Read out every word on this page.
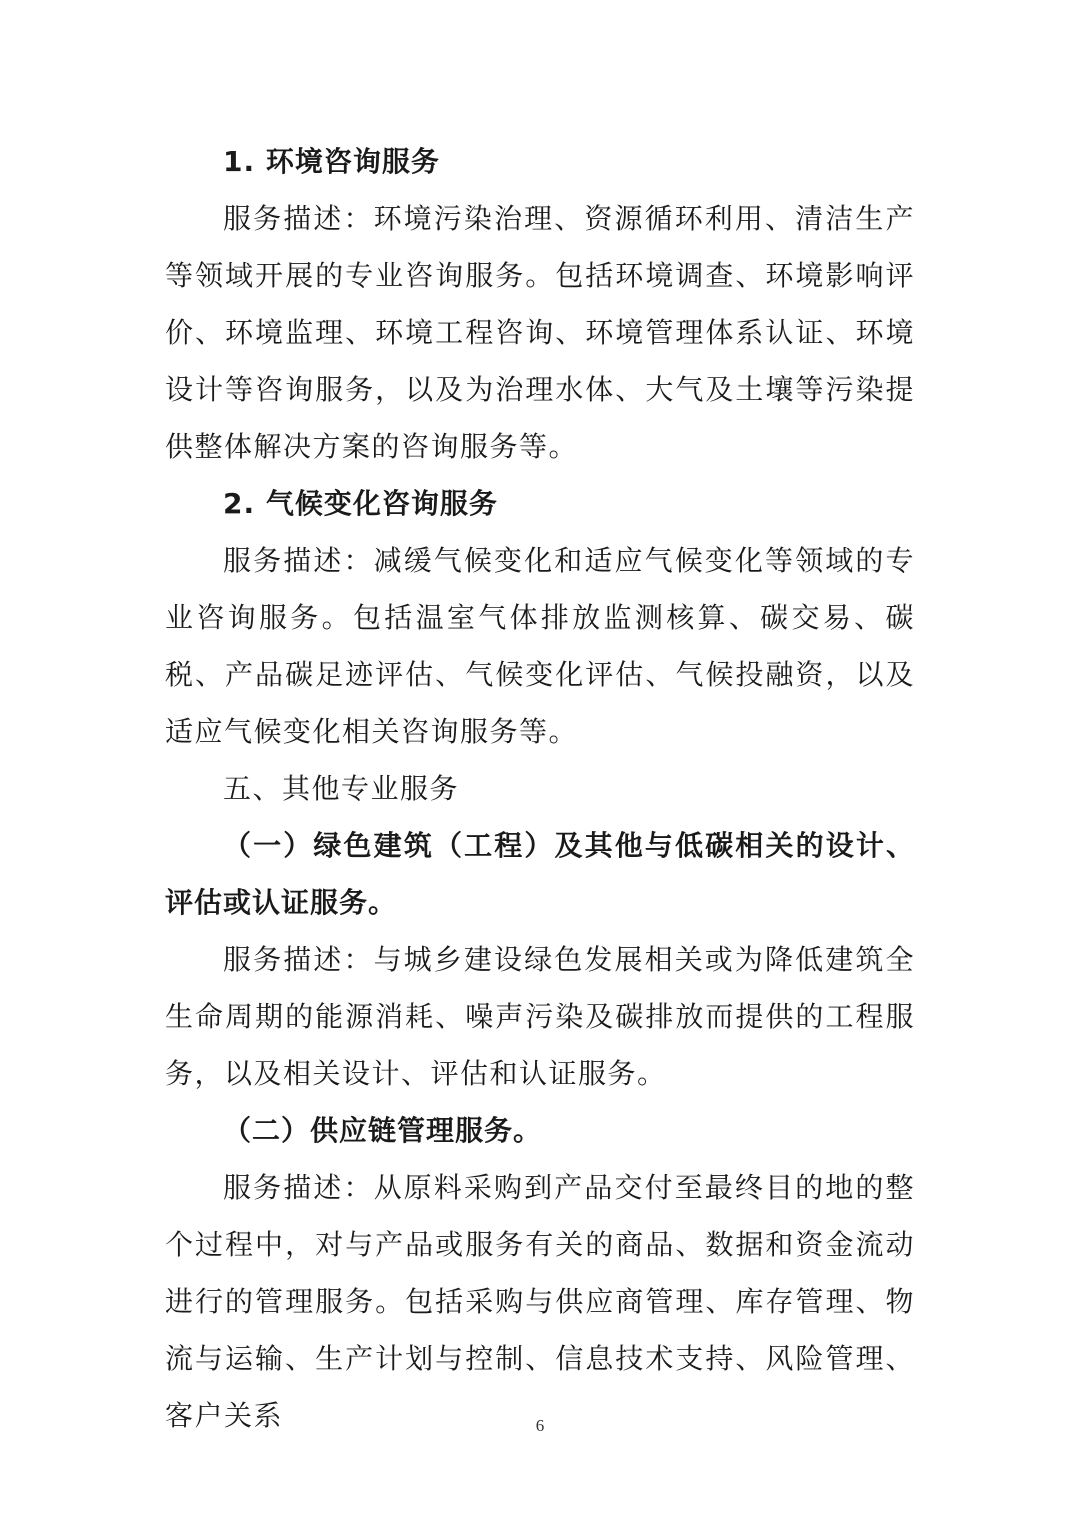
1. 环境咨询服务

服务描述：环境污染治理、资源循环利用、清洁生产等领域开展的专业咨询服务。包括环境调查、环境影响评价、环境监理、环境工程咨询、环境管理体系认证、环境设计等咨询服务，以及为治理水体、大气及土壤等污染提供整体解决方案的咨询服务等。

2. 气候变化咨询服务

服务描述：减缓气候变化和适应气候变化等领域的专业咨询服务。包括温室气体排放监测核算、碳交易、碳税、产品碳足迹评估、气候变化评估、气候投融资，以及适应气候变化相关咨询服务等。

五、其他专业服务

（一）绿色建筑（工程）及其他与低碳相关的设计、评估或认证服务。

服务描述：与城乡建设绿色发展相关或为降低建筑全生命周期的能源消耗、噪声污染及碳排放而提供的工程服务，以及相关设计、评估和认证服务。

（二）供应链管理服务。

服务描述：从原料采购到产品交付至最终目的地的整个过程中，对与产品或服务有关的商品、数据和资金流动进行的管理服务。包括采购与供应商管理、库存管理、物流与运输、生产计划与控制、信息技术支持、风险管理、客户关系	6
